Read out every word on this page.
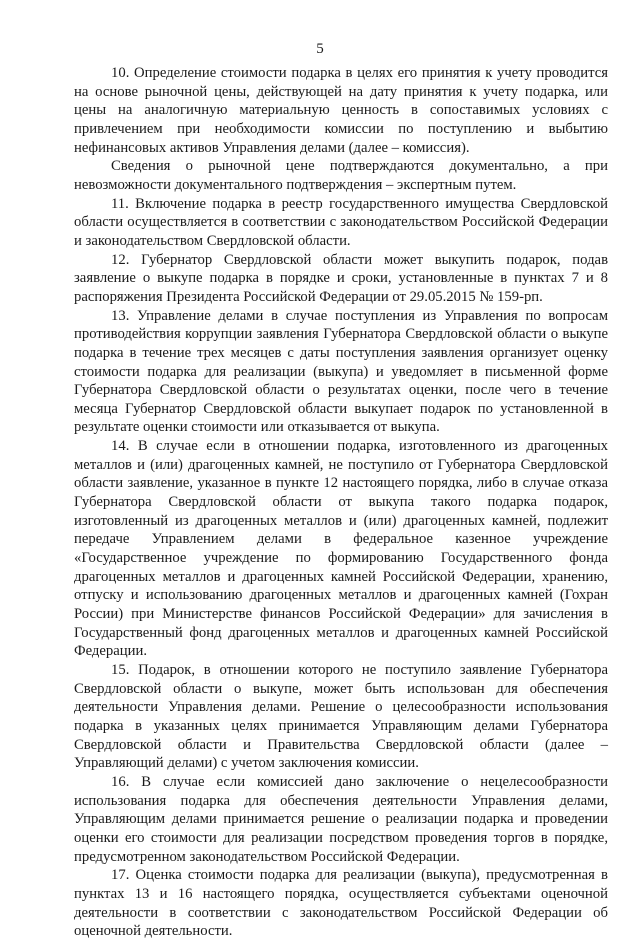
5

10. Определение стоимости подарка в целях его принятия к учету проводится на основе рыночной цены, действующей на дату принятия к учету подарка, или цены на аналогичную материальную ценность в сопоставимых условиях с привлечением при необходимости комиссии по поступлению и выбытию нефинансовых активов Управления делами (далее – комиссия).

Сведения о рыночной цене подтверждаются документально, а при невозможности документального подтверждения – экспертным путем.

11. Включение подарка в реестр государственного имущества Свердловской области осуществляется в соответствии с законодательством Российской Федерации и законодательством Свердловской области.

12. Губернатор Свердловской области может выкупить подарок, подав заявление о выкупе подарка в порядке и сроки, установленные в пунктах 7 и 8 распоряжения Президента Российской Федерации от 29.05.2015 № 159-рп.

13. Управление делами в случае поступления из Управления по вопросам противодействия коррупции заявления Губернатора Свердловской области о выкупе подарка в течение трех месяцев с даты поступления заявления организует оценку стоимости подарка для реализации (выкупа) и уведомляет в письменной форме Губернатора Свердловской области о результатах оценки, после чего в течение месяца Губернатор Свердловской области выкупает подарок по установленной в результате оценки стоимости или отказывается от выкупа.

14. В случае если в отношении подарка, изготовленного из драгоценных металлов и (или) драгоценных камней, не поступило от Губернатора Свердловской области заявление, указанное в пункте 12 настоящего порядка, либо в случае отказа Губернатора Свердловской области от выкупа такого подарка подарок, изготовленный из драгоценных металлов и (или) драгоценных камней, подлежит передаче Управлением делами в федеральное казенное учреждение «Государственное учреждение по формированию Государственного фонда драгоценных металлов и драгоценных камней Российской Федерации, хранению, отпуску и использованию драгоценных металлов и драгоценных камней (Гохран России) при Министерстве финансов Российской Федерации» для зачисления в Государственный фонд драгоценных металлов и драгоценных камней Российской Федерации.

15. Подарок, в отношении которого не поступило заявление Губернатора Свердловской области о выкупе, может быть использован для обеспечения деятельности Управления делами. Решение о целесообразности использования подарка в указанных целях принимается Управляющим делами Губернатора Свердловской области и Правительства Свердловской области (далее – Управляющий делами) с учетом заключения комиссии.

16. В случае если комиссией дано заключение о нецелесообразности использования подарка для обеспечения деятельности Управления делами, Управляющим делами принимается решение о реализации подарка и проведении оценки его стоимости для реализации посредством проведения торгов в порядке, предусмотренном законодательством Российской Федерации.

17. Оценка стоимости подарка для реализации (выкупа), предусмотренная в пунктах 13 и 16 настоящего порядка, осуществляется субъектами оценочной деятельности в соответствии с законодательством Российской Федерации об оценочной деятельности.
